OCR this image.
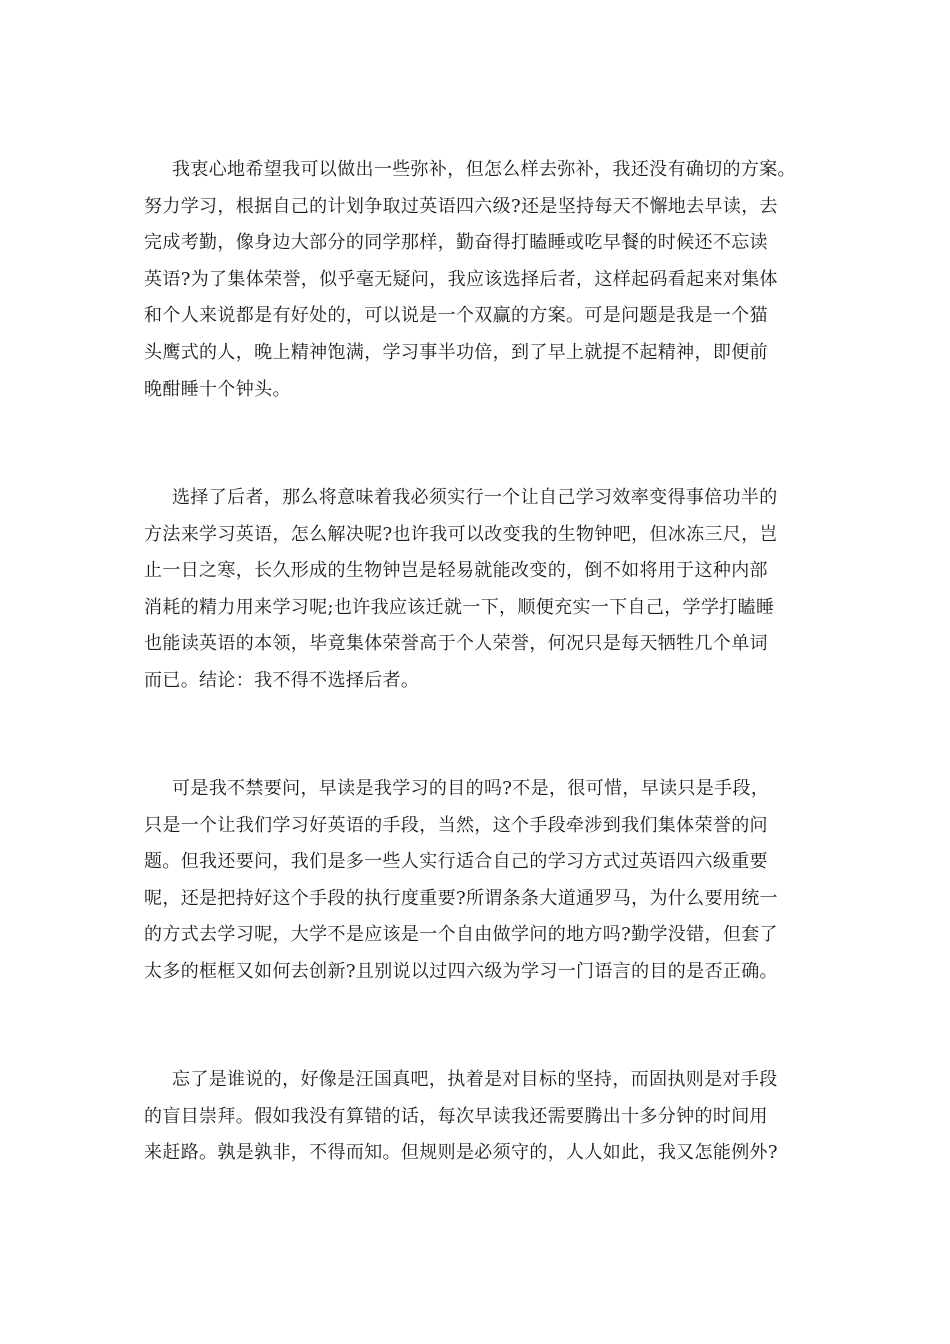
我衷心地希望我可以做出一些弥补，但怎么样去弥补，我还没有确切的方案。
努力学习，根据自己的计划争取过英语四六级?还是坚持每天不懈地去早读，去
完成考勤，像身边大部分的同学那样，勤奋得打瞌睡或吃早餐的时候还不忘读
英语?为了集体荣誉，似乎毫无疑问，我应该选择后者，这样起码看起来对集体
和个人来说都是有好处的，可以说是一个双赢的方案。可是问题是我是一个猫
头鹰式的人，晚上精神饱满，学习事半功倍，到了早上就提不起精神，即便前
晚酣睡十个钟头。
选择了后者，那么将意味着我必须实行一个让自己学习效率变得事倍功半的
方法来学习英语，怎么解决呢?也许我可以改变我的生物钟吧，但冰冻三尺，岂
止一日之寒，长久形成的生物钟岂是轻易就能改变的，倒不如将用于这种内部
消耗的精力用来学习呢;也许我应该迁就一下，顺便充实一下自己，学学打瞌睡
也能读英语的本领，毕竟集体荣誉高于个人荣誉，何况只是每天牺牲几个单词
而已。结论：我不得不选择后者。
可是我不禁要问，早读是我学习的目的吗?不是，很可惜，早读只是手段，
只是一个让我们学习好英语的手段，当然，这个手段牵涉到我们集体荣誉的问
题。但我还要问，我们是多一些人实行适合自己的学习方式过英语四六级重要
呢，还是把持好这个手段的执行度重要?所谓条条大道通罗马，为什么要用统一
的方式去学习呢，大学不是应该是一个自由做学问的地方吗?勤学没错，但套了
太多的框框又如何去创新?且别说以过四六级为学习一门语言的目的是否正确。
忘了是谁说的，好像是汪国真吧，执着是对目标的坚持，而固执则是对手段
的盲目崇拜。假如我没有算错的话，每次早读我还需要腾出十多分钟的时间用
来赶路。孰是孰非，不得而知。但规则是必须守的，人人如此，我又怎能例外?
